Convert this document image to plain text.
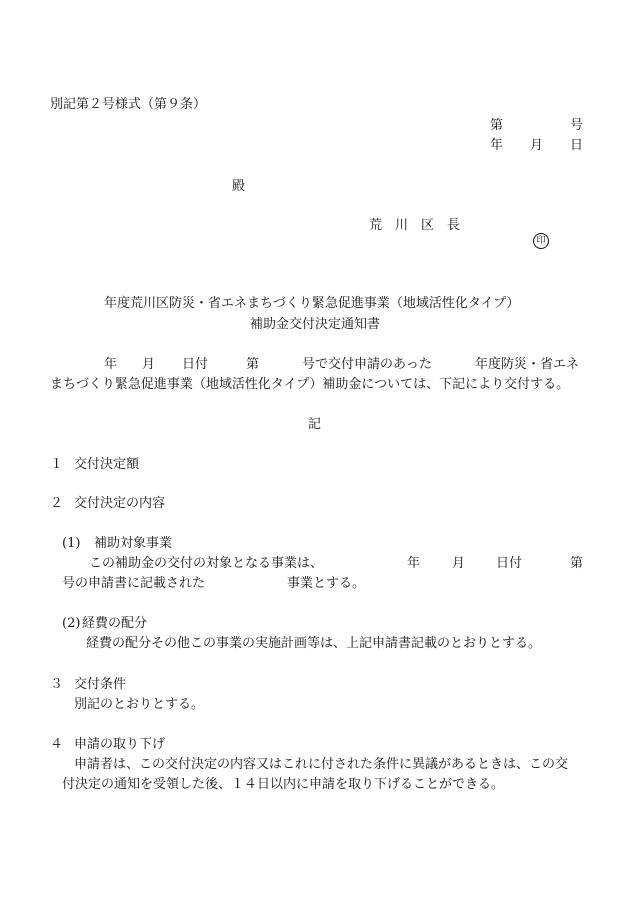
別記第２号様式（第９条）
第	号
年 月 日
殿
荒　川　区　長
印
年度荒川区防災・省エネまちづくり緊急促進事業（地域活性化タイプ）
補助金交付決定通知書
年 月 日付	第	号で交付申請のあった	年度防災・省エネ
まちづくり緊急促進事業（地域活性化タイプ）補助金については、下記により交付する。
記
１ 交付決定額
２ 交付決定の内容
(1) 補助対象事業
この補助金の交付の対象となる事業は、	年 月 日付	第
号の申請書に記載された	事業とする。
(2) 経費の配分
経費の配分その他この事業の実施計画等は、上記申請書記載のとおりとする。
３ 交付条件
別記のとおりとする。
４ 申請の取り下げ
申請者は、この交付決定の内容又はこれに付された条件に異議があるときは、この交
付決定の通知を受領した後、１４日以内に申請を取り下げることができる。
